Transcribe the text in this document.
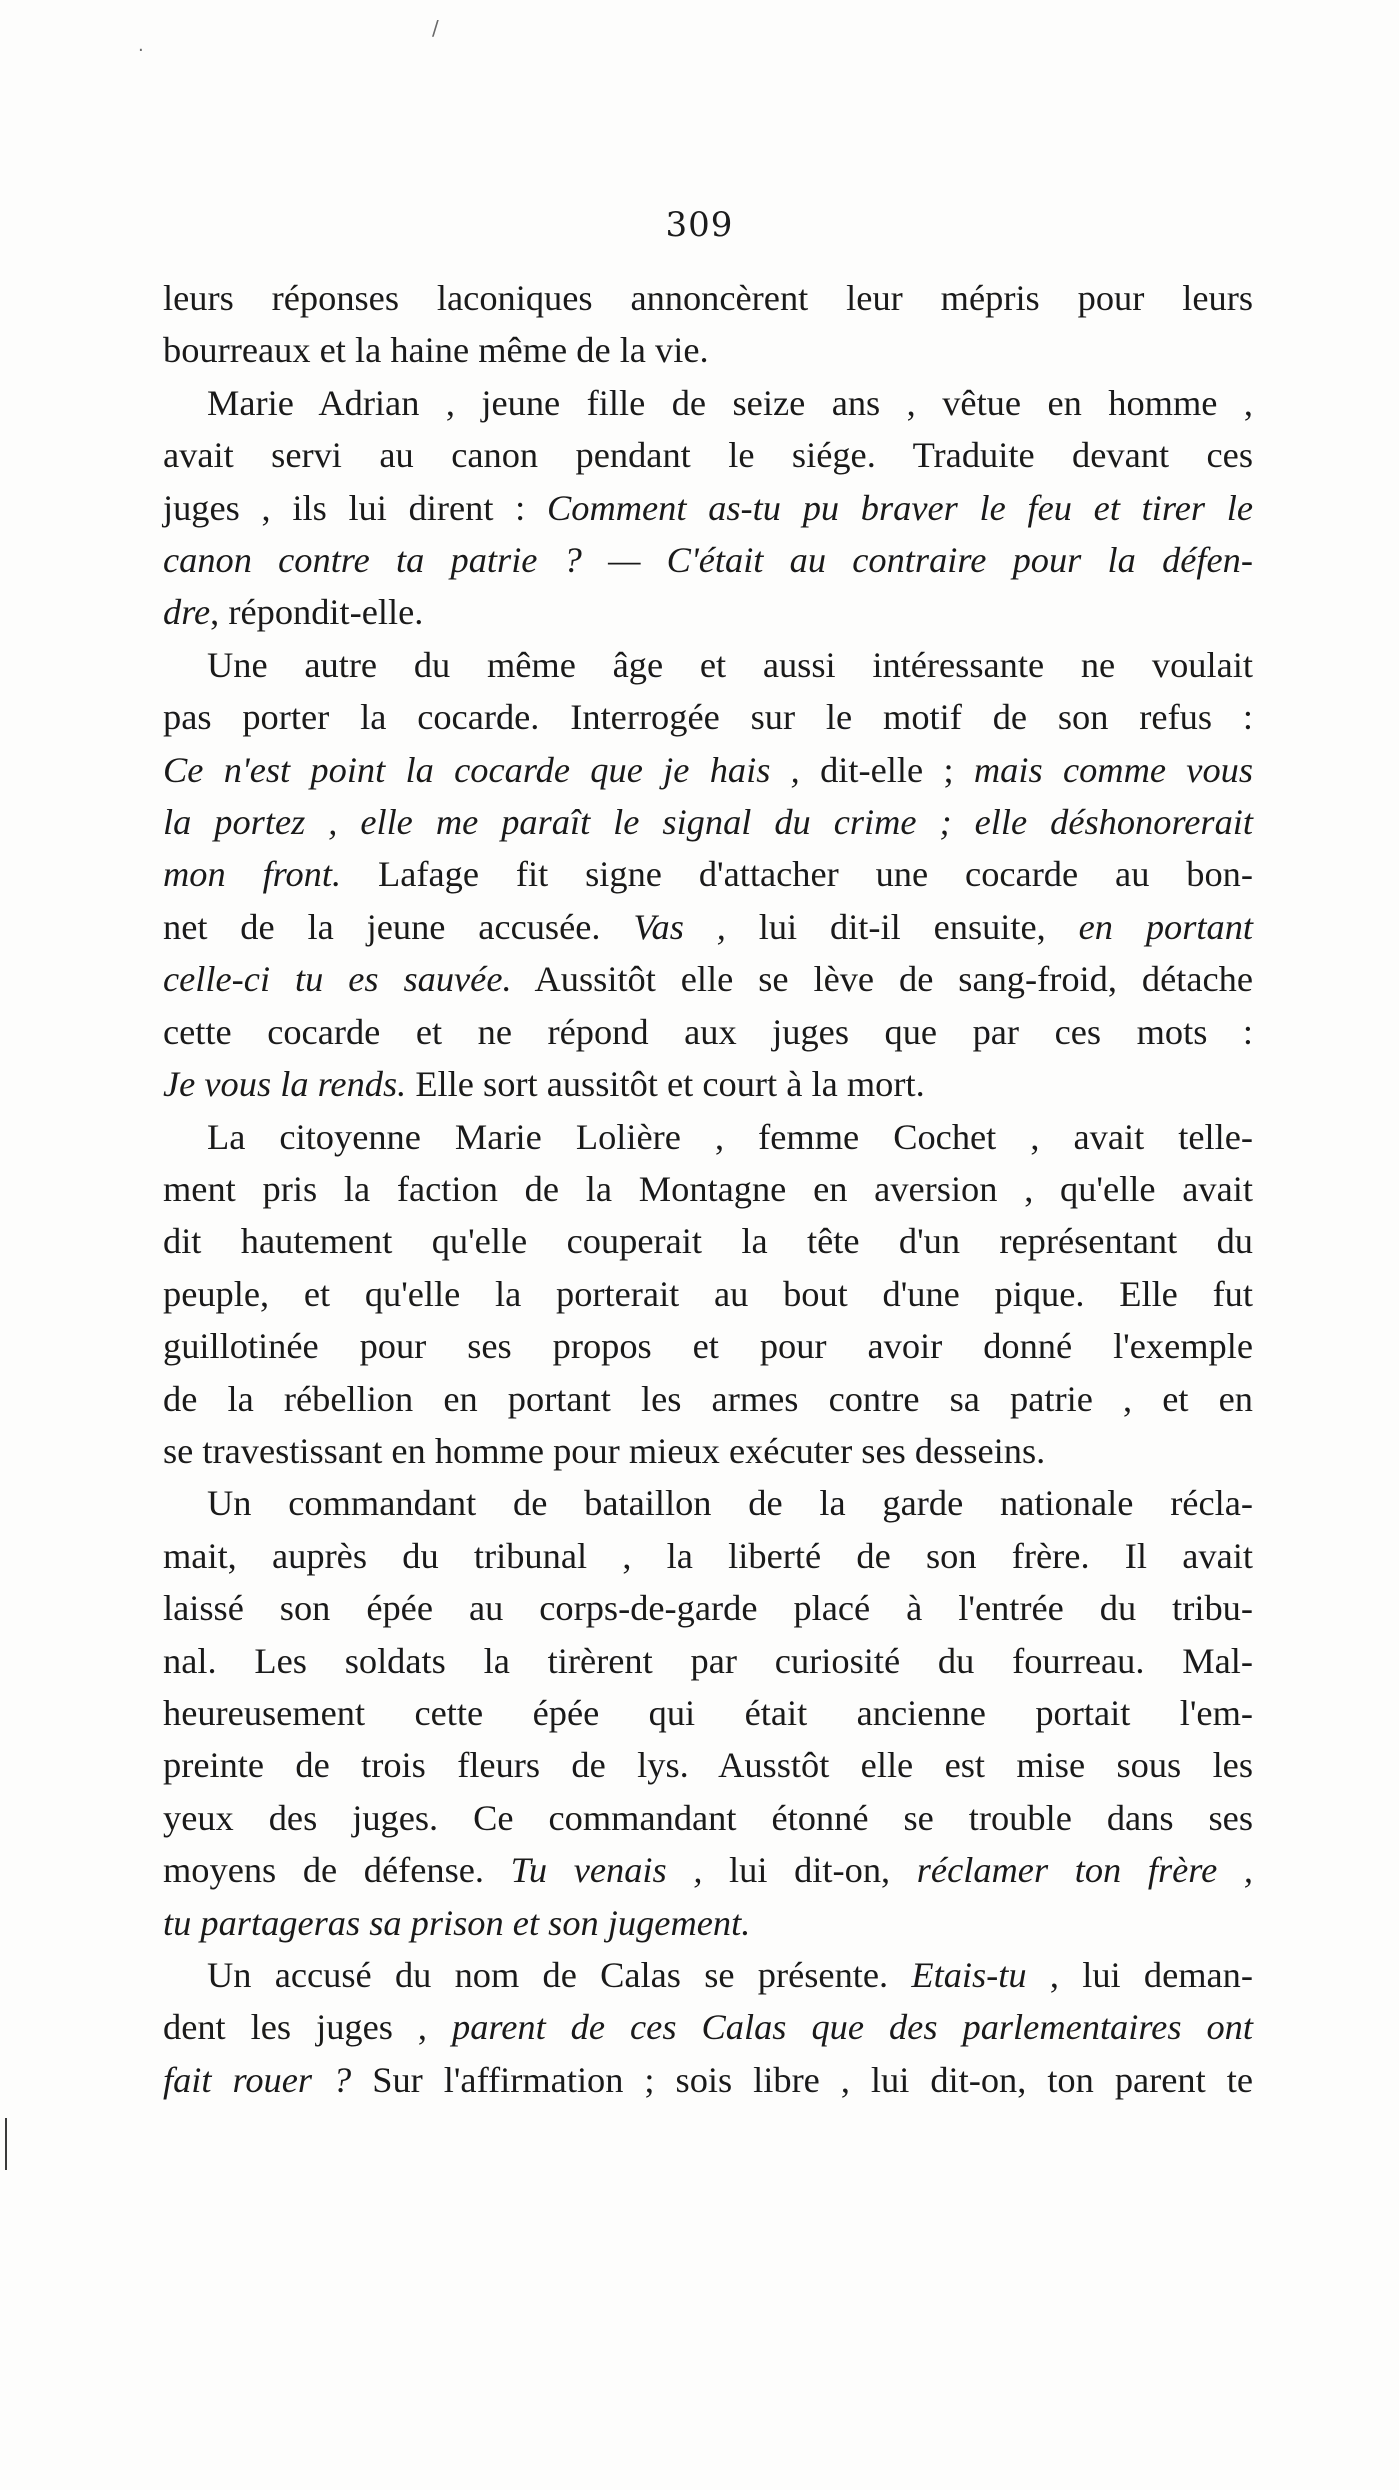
/
·
309
leurs réponses laconiques annoncèrent leur mépris pour leurs
bourreaux et la haine même de la vie.
Marie Adrian , jeune fille de seize ans , vêtue en homme ,
avait servi au canon pendant le siége. Traduite devant ces
juges , ils lui dirent : Comment as-tu pu braver le feu et tirer le
canon contre ta patrie ? — C'était au contraire pour la défen-
dre, répondit-elle.
Une autre du même âge et aussi intéressante ne voulait
pas porter la cocarde. Interrogée sur le motif de son refus :
Ce n'est point la cocarde que je hais , dit-elle ; mais comme vous
la portez , elle me paraît le signal du crime ; elle déshonorerait
mon front. Lafage fit signe d'attacher une cocarde au bon-
net de la jeune accusée. Vas , lui dit-il ensuite, en portant
celle-ci tu es sauvée. Aussitôt elle se lève de sang-froid, détache
cette cocarde et ne répond aux juges que par ces mots :
Je vous la rends. Elle sort aussitôt et court à la mort.
La citoyenne Marie Lolière , femme Cochet , avait telle-
ment pris la faction de la Montagne en aversion , qu'elle avait
dit hautement qu'elle couperait la tête d'un représentant du
peuple, et qu'elle la porterait au bout d'une pique. Elle fut
guillotinée pour ses propos et pour avoir donné l'exemple
de la rébellion en portant les armes contre sa patrie , et en
se travestissant en homme pour mieux exécuter ses desseins.
Un commandant de bataillon de la garde nationale récla-
mait, auprès du tribunal , la liberté de son frère. Il avait
laissé son épée au corps-de-garde placé à l'entrée du tribu-
nal. Les soldats la tirèrent par curiosité du fourreau. Mal-
heureusement cette épée qui était ancienne portait l'em-
preinte de trois fleurs de lys. Ausstôt elle est mise sous les
yeux des juges. Ce commandant étonné se trouble dans ses
moyens de défense. Tu venais , lui dit-on, réclamer ton frère ,
tu partageras sa prison et son jugement.
Un accusé du nom de Calas se présente. Etais-tu , lui deman-
dent les juges , parent de ces Calas que des parlementaires ont
fait rouer ? Sur l'affirmation ; sois libre , lui dit-on, ton parent te
